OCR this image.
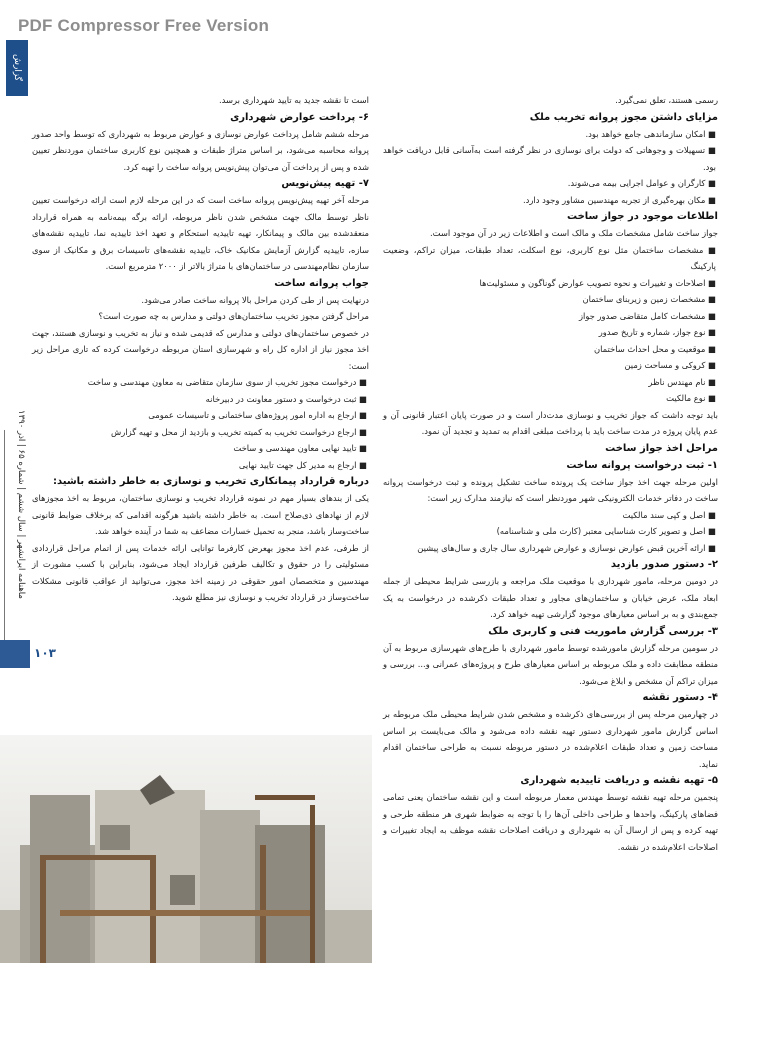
PDF Compressor Free Version
گزارش
ماهنامه ایرانشهر | سال ششم | شماره ۶۵ | آذر ۱۳۹۰
۱۰۳

رسمی هستند، تعلق نمی‌گیرد.

مزایای داشتن مجوز پروانه تخریب ملک

■ امکان سازماندهی جامع خواهد بود.

■ تسهیلات و وجوهاتی که دولت برای نوسازی در نظر گرفته است به‌آسانی قابل دریافت خواهد بود.

■ کارگران و عوامل اجرایی بیمه می‌شوند.

■ مکان بهره‌گیری از تجربه مهندسین مشاور وجود دارد.

اطلاعات موجود در جواز ساخت

جواز ساخت شامل مشخصات ملک و مالک است و اطلاعات زیر در آن موجود است.

■ مشخصات ساختمان مثل نوع کاربری، نوع اسکلت، تعداد طبقات، میزان تراکم، وضعیت پارکینگ

■ اصلاحات و تغییرات و نحوه تصویب عوارض گوناگون و مسئولیت‌ها

■ مشخصات زمین و زیربنای ساختمان

■ مشخصات کامل متقاضی صدور جواز

■ نوع جواز، شماره و تاریخ صدور

■ موقعیت و محل احداث ساختمان

■ کروکی و مساحت زمین

■ نام مهندس ناظر

■ نوع مالکیت

باید توجه داشت که جواز تخریب و نوسازی مدت‌دار است و در صورت پایان اعتبار قانونی آن و عدم پایان پروژه در مدت ساخت باید با پرداخت مبلغی اقدام به تمدید و تجدید آن نمود.

مراحل اخذ جواز ساخت
۱- ثبت درخواست پروانه ساخت

اولین مرحله جهت اخذ جواز ساخت یک پرونده ساخت تشکیل پرونده و ثبت درخواست پروانه ساخت در دفاتر خدمات الکترونیکی شهر موردنظر است که نیازمند مدارک زیر است:

■ اصل و کپی سند مالکیت

■ اصل و تصویر کارت شناسایی معتبر (کارت ملی و شناسنامه)

■ ارائه آخرین قبض عوارض نوسازی و عوارض شهرداری سال جاری و سال‌های پیشین

۲- دستور صدور بازدید

در دومین مرحله، مامور شهرداری با موقعیت ملک مراجعه و بازرسی شرایط محیطی از جمله ابعاد ملک، عرض خیابان و ساختمان‌های مجاور و تعداد طبقات ذکرشده در درخواست به یک جمع‌بندی و به بر اساس معیارهای موجود گزارشی تهیه خواهد کرد.

۳- بررسی گزارش ماموریت فنی و کاربری ملک

در سومین مرحله گزارش مامورشده توسط مامور شهرداری با طرح‌های شهرسازی مربوط به آن منطقه مطابقت داده و ملک مربوطه بر اساس معیارهای طرح و پروژه‌های عمرانی و... بررسی و میزان تراکم آن مشخص و ابلاغ می‌شود.

۴- دستور نقشه

در چهارمین مرحله پس از بررسی‌های ذکرشده و مشخص شدن شرایط محیطی ملک مربوطه بر اساس گزارش مامور شهرداری دستور تهیه نقشه داده می‌شود و مالک می‌بایست بر اساس مساحت زمین و تعداد طبقات اعلام‌شده در دستور مربوطه نسبت به طراحی ساختمان اقدام نماید.

۵- تهیه نقشه و دریافت تاییدیه شهرداری

پنجمین مرحله تهیه نقشه توسط مهندس معمار مربوطه است و این نقشه ساختمان یعنی تمامی فضاهای پارکینگ، واحدها و طراحی داخلی آن‌ها را با توجه به ضوابط شهری هر منطقه طرحی و تهیه کرده و پس از ارسال آن به شهرداری و دریافت اصلاحات نقشه موظف به ایجاد تغییرات و اصلاحات اعلام‌شده در نقشه.

است تا نقشه جدید به تایید شهرداری برسد.

۶- پرداخت عوارض شهرداری

مرحله ششم شامل پرداخت عوارض نوسازی و عوارض مربوط به شهرداری که توسط واحد صدور پروانه محاسبه می‌شود، بر اساس متراژ طبقات و همچنین نوع کاربری ساختمان موردنظر تعیین شده و پس از پرداخت آن می‌توان پیش‌نویس پروانه ساخت را تهیه کرد.

۷- تهیه پیش‌نویس

مرحله آخر تهیه پیش‌نویس پروانه ساخت است که در این مرحله لازم است ارائه درخواست تعیین ناظر توسط مالک جهت مشخص شدن ناظر مربوطه، ارائه برگه بیمه‌نامه به همراه قرارداد منعقدشده بین مالک و پیمانکار، تهیه تاییدیه استحکام و تعهد اخذ تاییدیه نما، تاییدیه نقشه‌های سازه، تاییدیه گزارش آزمایش مکانیک خاک، تاییدیه نقشه‌های تاسیسات برق و مکانیک از سوی سازمان نظام‌مهندسی در ساختمان‌های با متراژ بالاتر از ۲۰۰۰ مترمربع است.

جواب پروانه ساخت

درنهایت پس از طی کردن مراحل بالا پروانه ساخت صادر می‌شود.

مراحل گرفتن مجوز تخریب ساختمان‌های دولتی و مدارس به چه صورت است؟

در خصوص ساختمان‌های دولتی و مدارس که قدیمی شده و نیاز به تخریب و نوسازی هستند، جهت اخذ مجوز نیاز از اداره کل راه و شهرسازی استان مربوطه درخواست کرده که تاری مراحل زیر است:

■ درخواست مجوز تخریب از سوی سازمان متقاضی به معاون مهندسی و ساخت

■ ثبت درخواست و دستور معاونت در دبیرخانه

■ ارجاع به اداره امور پروژه‌های ساختمانی و تاسیسات عمومی

■ ارجاع درخواست تخریب به کمیته تخریب و بازدید از محل و تهیه گزارش

■ تایید نهایی معاون مهندسی و ساخت

■ ارجاع به مدیر کل جهت تایید نهایی

درباره قرارداد پیمانکاری تخریب و نوسازی به خاطر داشته باشید:

یکی از بندهای بسیار مهم در نمونه قرارداد تخریب و نوسازی ساختمان، مربوط به اخذ مجوزهای لازم از نهادهای ذی‌صلاح است. به خاطر داشته باشید هرگونه اقدامی که برخلاف ضوابط قانونی ساخت‌وساز باشد، منجر به تحمیل خسارات مضاعف به شما در آینده خواهد شد.

از طرفی، عدم اخذ مجوز بهعرض کارفرما توانایی ارائه خدمات پس از اتمام مراحل قراردادی مسئولیتی را در حقوق و تکالیف طرفین قرارداد ایجاد می‌شود، بنابراین با کسب مشورت از مهندسین و متخصصان امور حقوقی در زمینه اخذ مجوز، می‌توانید از عواقب قانونی مشکلات ساخت‌وساز در قرارداد تخریب و نوسازی نیز مطلع شوید.
